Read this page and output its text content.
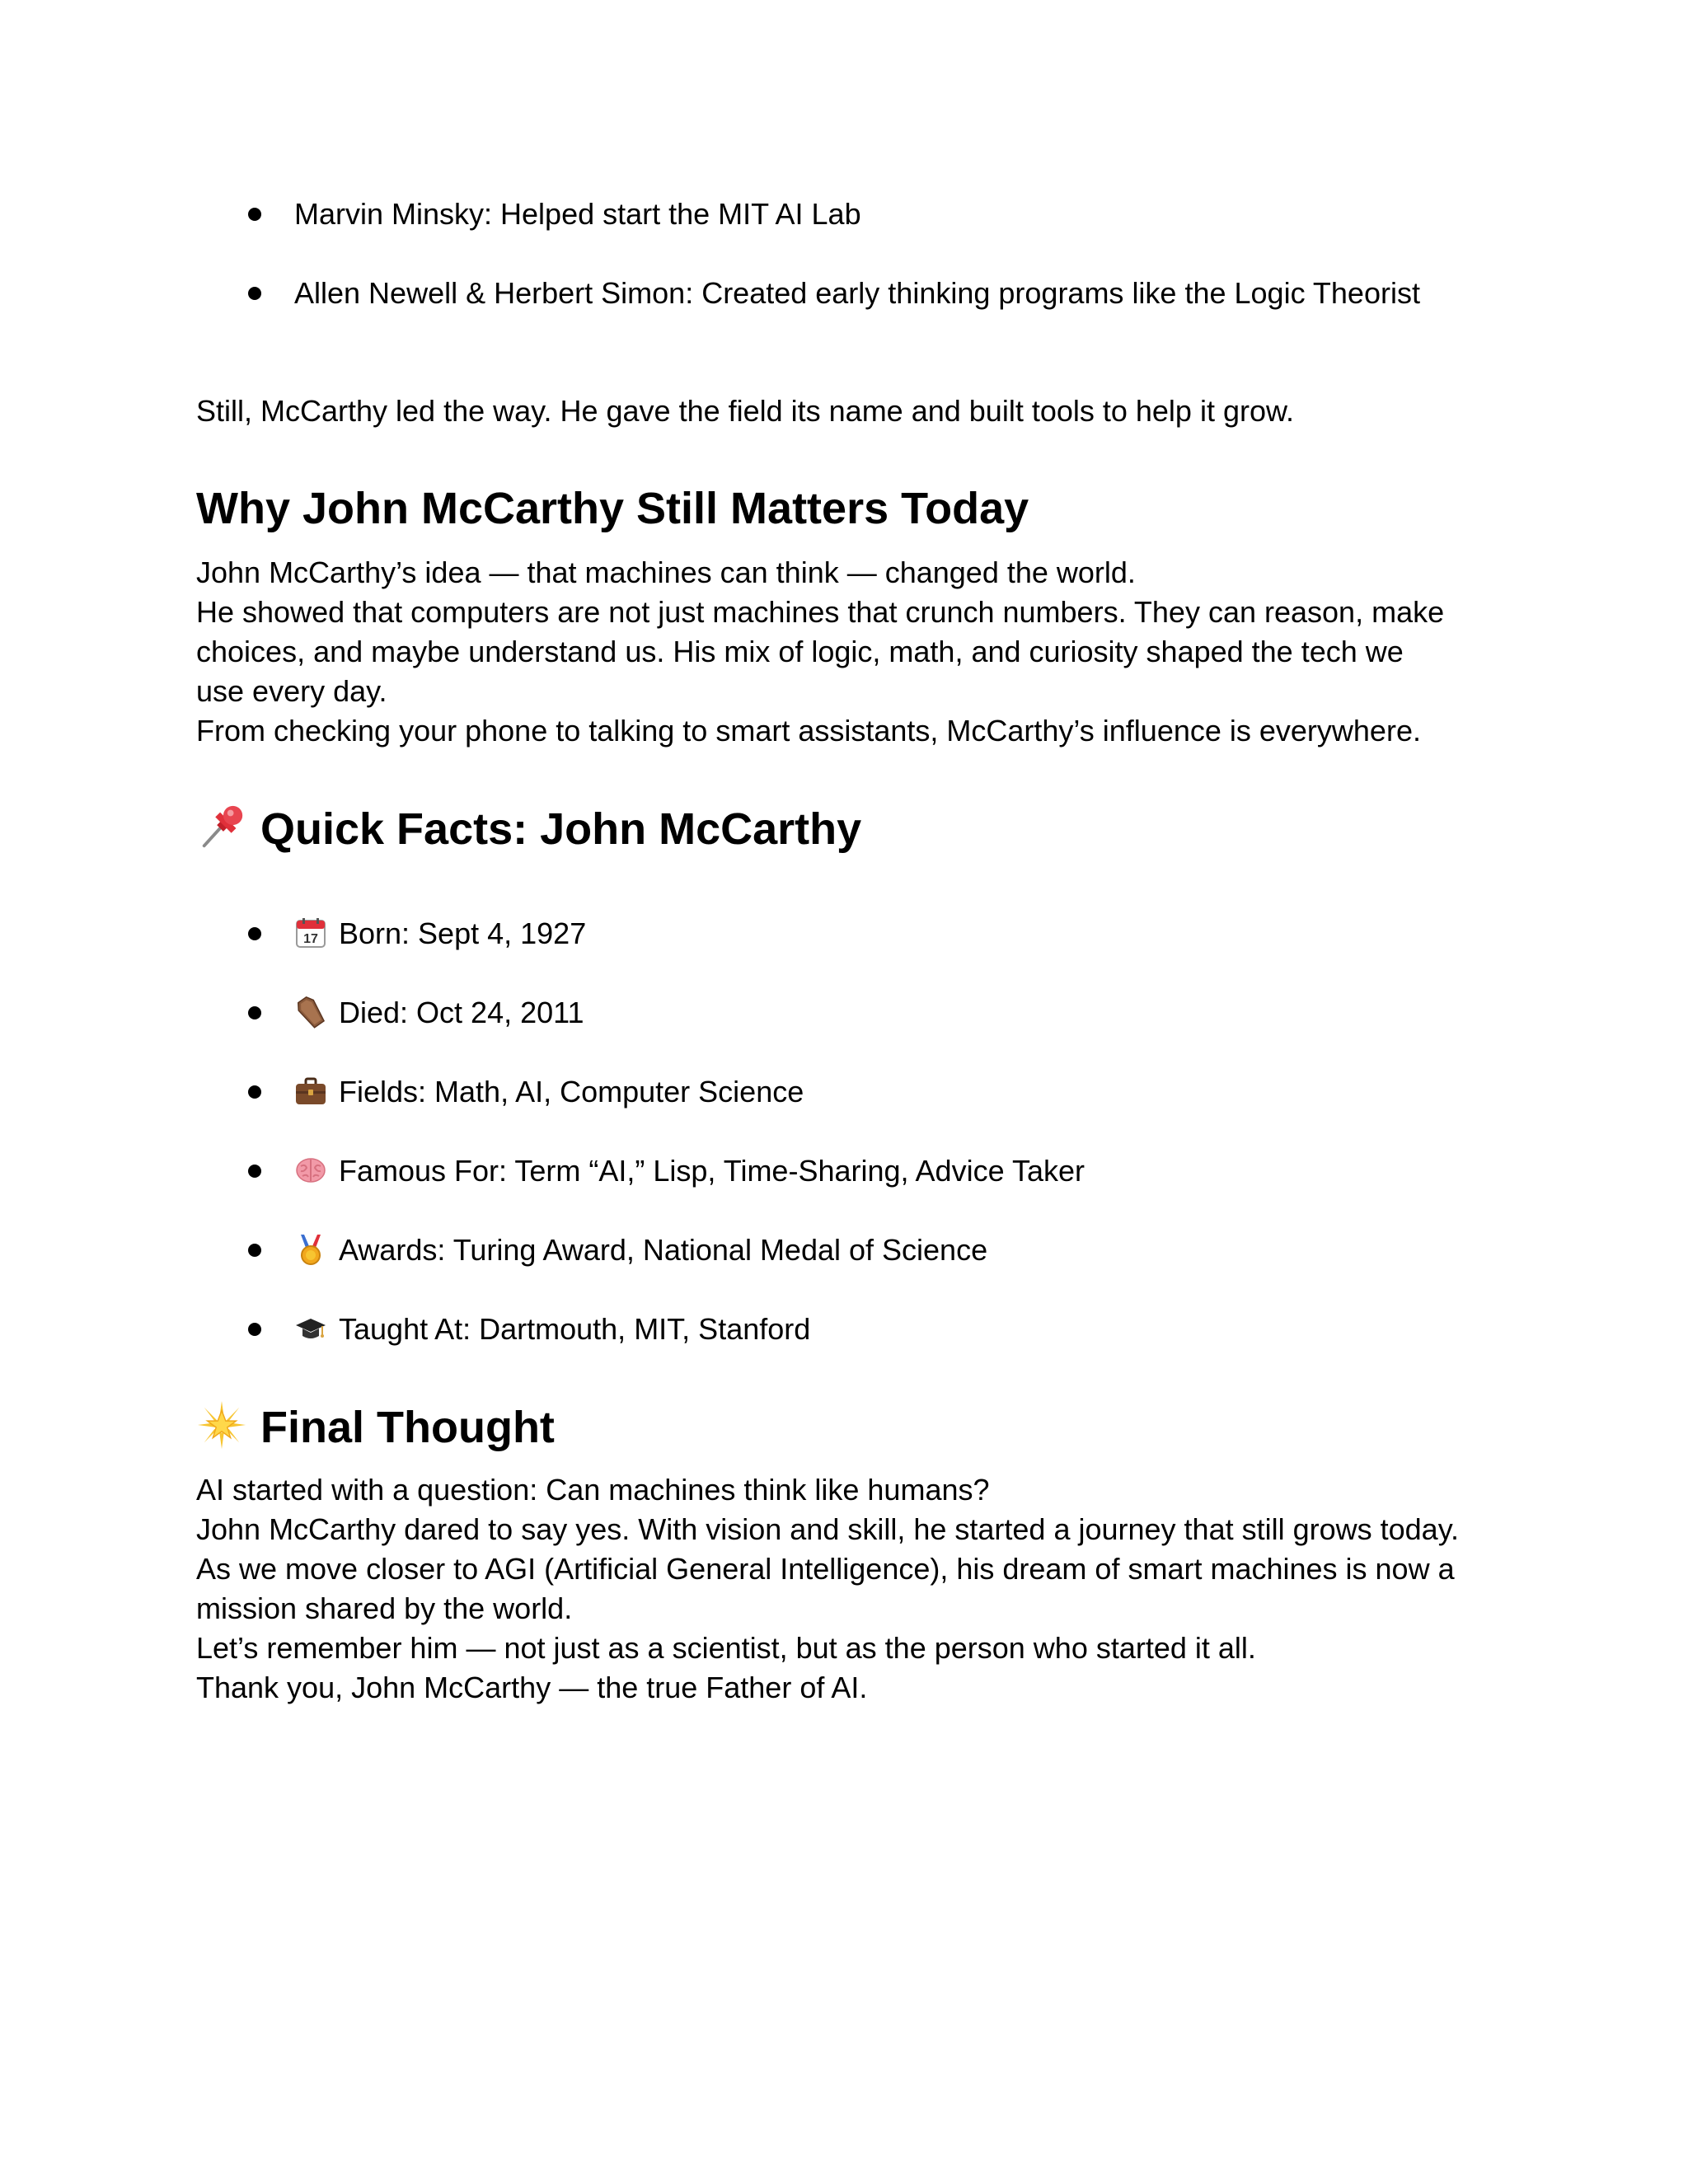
Marvin Minsky: Helped start the MIT AI Lab
Allen Newell & Herbert Simon: Created early thinking programs like the Logic Theorist
Still, McCarthy led the way. He gave the field its name and built tools to help it grow.
Why John McCarthy Still Matters Today
John McCarthy’s idea — that machines can think — changed the world.
He showed that computers are not just machines that crunch numbers. They can reason, make
choices, and maybe understand us. His mix of logic, math, and curiosity shaped the tech we
use every day.
From checking your phone to talking to smart assistants, McCarthy’s influence is everywhere.
Quick Facts: John McCarthy
17 Born: Sept 4, 1927
Died: Oct 24, 2011
Fields: Math, AI, Computer Science
Famous For: Term “AI,” Lisp, Time-Sharing, Advice Taker
Awards: Turing Award, National Medal of Science
Taught At: Dartmouth, MIT, Stanford
Final Thought
AI started with a question: Can machines think like humans?
John McCarthy dared to say yes. With vision and skill, he started a journey that still grows today.
As we move closer to AGI (Artificial General Intelligence), his dream of smart machines is now a
mission shared by the world.
Let’s remember him — not just as a scientist, but as the person who started it all.
Thank you, John McCarthy — the true Father of AI.
